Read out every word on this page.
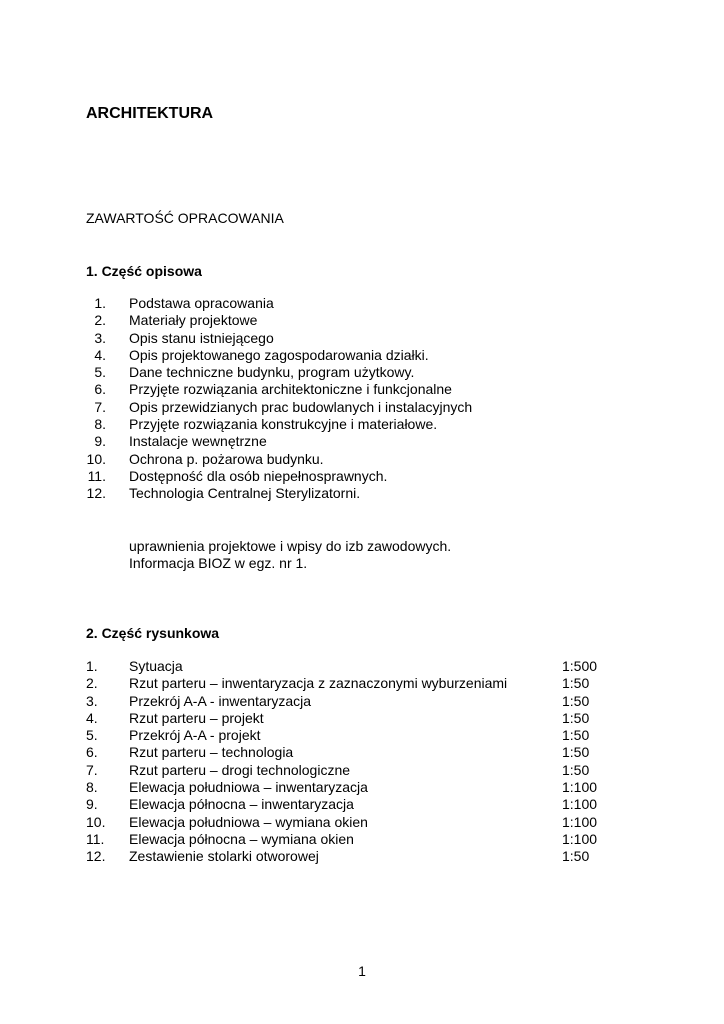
ARCHITEKTURA
ZAWARTOŚĆ OPRACOWANIA
1. Część opisowa
1. Podstawa opracowania
2. Materiały projektowe
3. Opis stanu istniejącego
4. Opis projektowanego zagospodarowania działki.
5. Dane techniczne budynku, program użytkowy.
6. Przyjęte rozwiązania architektoniczne i funkcjonalne
7. Opis przewidzianych prac budowlanych i instalacyjnych
8. Przyjęte rozwiązania konstrukcyjne i materiałowe.
9. Instalacje wewnętrzne
10. Ochrona p. pożarowa budynku.
11. Dostępność dla osób niepełnosprawnych.
12. Technologia Centralnej Sterylizatorni.
uprawnienia projektowe i wpisy do izb zawodowych.
Informacja BIOZ w egz. nr 1.
2. Część rysunkowa
1. Sytuacja	1:500
2. Rzut parteru – inwentaryzacja z zaznaczonymi wyburzeniami	1:50
3. Przekrój A-A - inwentaryzacja	1:50
4. Rzut parteru – projekt	1:50
5. Przekrój A-A - projekt	1:50
6. Rzut parteru – technologia	1:50
7. Rzut parteru – drogi technologiczne	1:50
8. Elewacja południowa – inwentaryzacja	1:100
9. Elewacja północna – inwentaryzacja	1:100
10. Elewacja południowa – wymiana okien	1:100
11. Elewacja północna – wymiana okien	1:100
12. Zestawienie stolarki otworowej	1:50
1
